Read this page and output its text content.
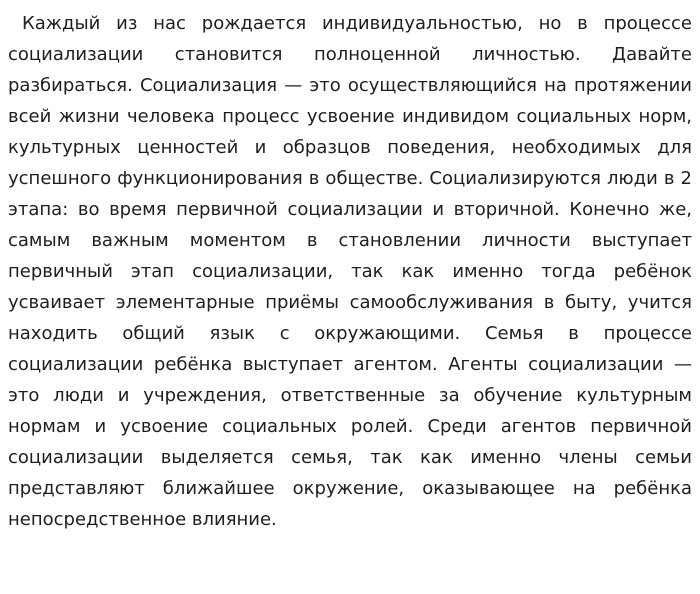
Каждый из нас рождается индивидуальностью, но в процессе социализации становится полноценной личностью. Давайте разбираться. Социализация — это осуществляющийся на протяжении всей жизни человека процесс усвоение индивидом социальных норм, культурных ценностей и образцов поведения, необходимых для успешного функционирования в обществе. Социализируются люди в 2 этапа: во время первичной социализации и вторичной. Конечно же, самым важным моментом в становлении личности выступает первичный этап социализации, так как именно тогда ребёнок усваивает элементарные приёмы самообслуживания в быту, учится находить общий язык с окружающими. Семья в процессе социализации ребёнка выступает агентом. Агенты социализации — это люди и учреждения, ответственные за обучение культурным нормам и усвоение социальных ролей. Среди агентов первичной социализации выделяется семья, так как именно члены семьи представляют ближайшее окружение, оказывающее на ребёнка непосредственное влияние.
